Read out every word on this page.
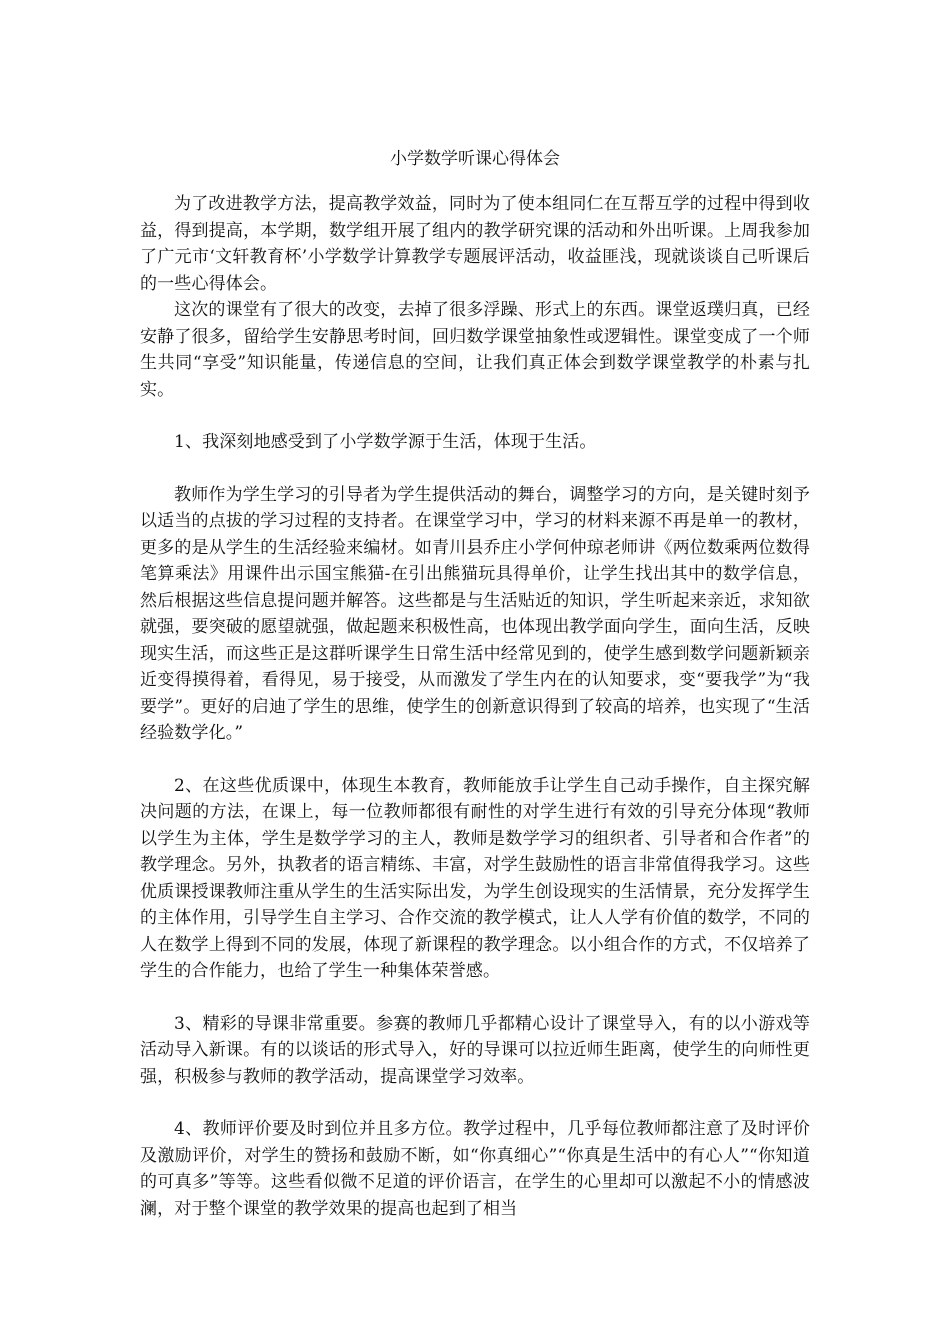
小学数学听课心得体会

为了改进教学方法，提高教学效益，同时为了使本组同仁在互帮互学的过程中得到收益，得到提高，本学期，数学组开展了组内的教学研究课的活动和外出听课。上周我参加了广元市‘文轩教育杯’小学数学计算教学专题展评活动，收益匪浅，现就谈谈自己听课后的一些心得体会。

这次的课堂有了很大的改变，去掉了很多浮躁、形式上的东西。课堂返璞归真，已经安静了很多，留给学生安静思考时间，回归数学课堂抽象性或逻辑性。课堂变成了一个师生共同“享受”知识能量，传递信息的空间，让我们真正体会到数学课堂教学的朴素与扎实。

1、我深刻地感受到了小学数学源于生活，体现于生活。

教师作为学生学习的引导者为学生提供活动的舞台，调整学习的方向，是关键时刻予以适当的点拔的学习过程的支持者。在课堂学习中，学习的材料来源不再是单一的教材，更多的是从学生的生活经验来编材。如青川县乔庄小学何仲琼老师讲《两位数乘两位数得笔算乘法》用课件出示国宝熊猫-在引出熊猫玩具得单价，让学生找出其中的数学信息，然后根据这些信息提问题并解答。这些都是与生活贴近的知识，学生听起来亲近，求知欲就强，要突破的愿望就强，做起题来积极性高，也体现出教学面向学生，面向生活，反映现实生活，而这些正是这群听课学生日常生活中经常见到的，使学生感到数学问题新颖亲近变得摸得着，看得见，易于接受，从而激发了学生内在的认知要求，变“要我学”为“我要学”。更好的启迪了学生的思维，使学生的创新意识得到了较高的培养，也实现了“生活经验数学化。”

2、在这些优质课中，体现生本教育，教师能放手让学生自己动手操作，自主探究解决问题的方法，在课上，每一位教师都很有耐性的对学生进行有效的引导充分体现“教师以学生为主体，学生是数学学习的主人，教师是数学学习的组织者、引导者和合作者”的教学理念。另外，执教者的语言精练、丰富，对学生鼓励性的语言非常值得我学习。这些优质课授课教师注重从学生的生活实际出发，为学生创设现实的生活情景，充分发挥学生的主体作用，引导学生自主学习、合作交流的教学模式，让人人学有价值的数学，不同的人在数学上得到不同的发展，体现了新课程的教学理念。以小组合作的方式，不仅培养了学生的合作能力，也给了学生一种集体荣誉感。

3、精彩的导课非常重要。参赛的教师几乎都精心设计了课堂导入，有的以小游戏等活动导入新课。有的以谈话的形式导入，好的导课可以拉近师生距离，使学生的向师性更强，积极参与教师的教学活动，提高课堂学习效率。

4、教师评价要及时到位并且多方位。教学过程中，几乎每位教师都注意了及时评价及激励评价，对学生的赞扬和鼓励不断，如“你真细心”“你真是生活中的有心人”“你知道的可真多”等等。这些看似微不足道的评价语言，在学生的心里却可以激起不小的情感波澜，对于整个课堂的教学效果的提高也起到了相当
